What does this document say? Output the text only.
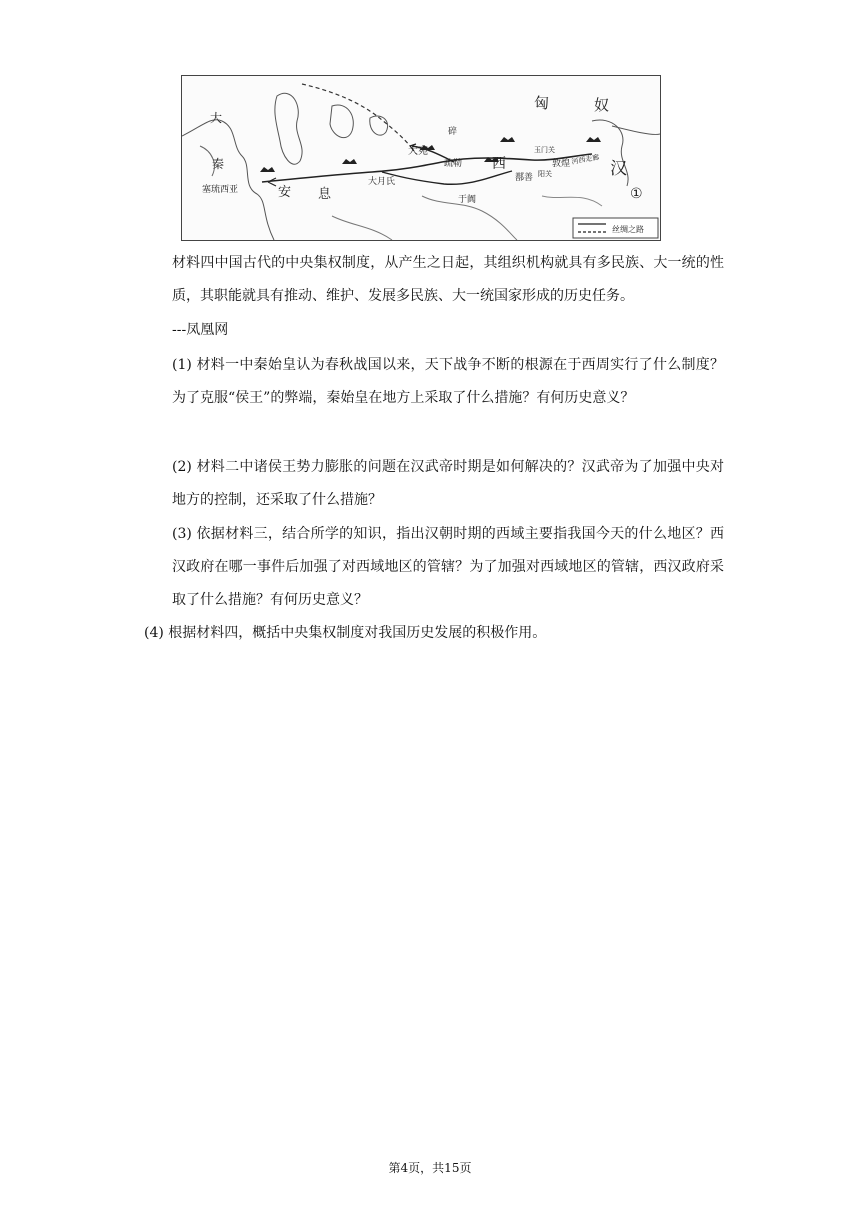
匈	奴
汉
秦
大
安 息
西
大宛
疏勒
碎
大月氏
玉门关
阳关
敦煌
鄯善
于阗
塞琉西亚
河西走廊
①
丝绸之路

材料四中国古代的中央集权制度，从产生之日起，其组织机构就具有多民族、大一统的性质，其职能就具有推动、维护、发展多民族、大一统国家形成的历史任务。

---凤凰网

(1) 材料一中秦始皇认为春秋战国以来，天下战争不断的根源在于西周实行了什么制度？为了克服“侯王”的弊端，秦始皇在地方上采取了什么措施？有何历史意义？

(2) 材料二中诸侯王势力膨胀的问题在汉武帝时期是如何解决的？汉武帝为了加强中央对地方的控制，还采取了什么措施？

(3) 依据材料三，结合所学的知识，指出汉朝时期的西域主要指我国今天的什么地区？西汉政府在哪一事件后加强了对西域地区的管辖？为了加强对西域地区的管辖，西汉政府采取了什么措施？有何历史意义？

(4) 根据材料四，概括中央集权制度对我国历史发展的积极作用。

第4页，共15页
